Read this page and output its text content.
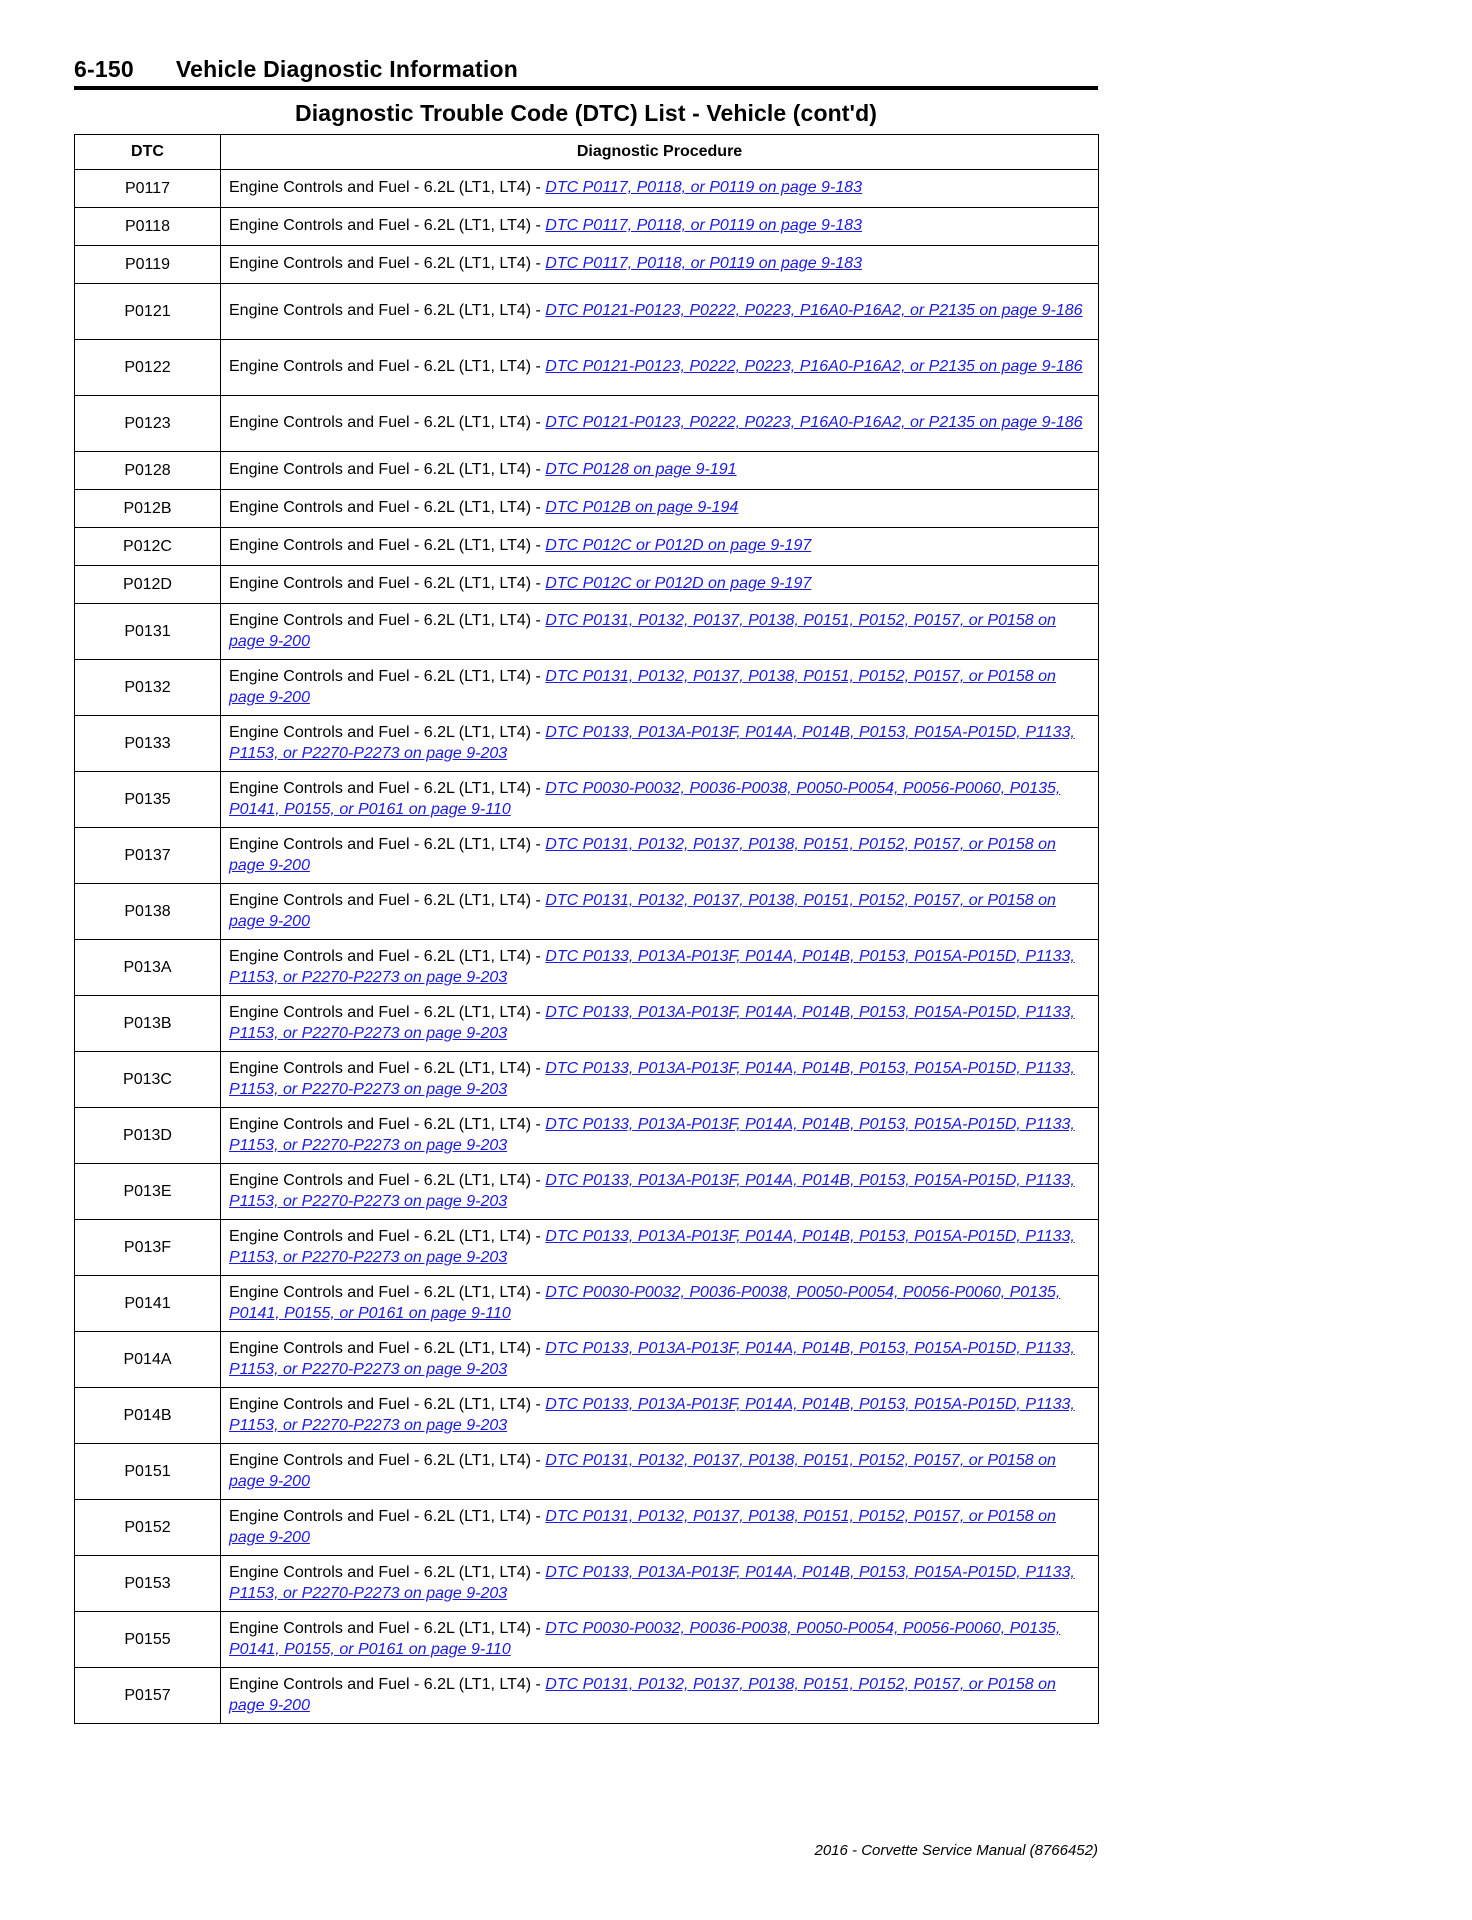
6-150 Vehicle Diagnostic Information
Diagnostic Trouble Code (DTC) List - Vehicle (cont'd)
DTC	Diagnostic Procedure
P0117	Engine Controls and Fuel - 6.2L (LT1, LT4) - DTC P0117, P0118, or P0119 on page 9-183
P0118	Engine Controls and Fuel - 6.2L (LT1, LT4) - DTC P0117, P0118, or P0119 on page 9-183
P0119	Engine Controls and Fuel - 6.2L (LT1, LT4) - DTC P0117, P0118, or P0119 on page 9-183
P0121	Engine Controls and Fuel - 6.2L (LT1, LT4) - DTC P0121-P0123, P0222, P0223, P16A0-P16A2, or P2135 on page 9-186
P0122	Engine Controls and Fuel - 6.2L (LT1, LT4) - DTC P0121-P0123, P0222, P0223, P16A0-P16A2, or P2135 on page 9-186
P0123	Engine Controls and Fuel - 6.2L (LT1, LT4) - DTC P0121-P0123, P0222, P0223, P16A0-P16A2, or P2135 on page 9-186
P0128	Engine Controls and Fuel - 6.2L (LT1, LT4) - DTC P0128 on page 9-191
P012B	Engine Controls and Fuel - 6.2L (LT1, LT4) - DTC P012B on page 9-194
P012C	Engine Controls and Fuel - 6.2L (LT1, LT4) - DTC P012C or P012D on page 9-197
P012D	Engine Controls and Fuel - 6.2L (LT1, LT4) - DTC P012C or P012D on page 9-197
P0131	Engine Controls and Fuel - 6.2L (LT1, LT4) - DTC P0131, P0132, P0137, P0138, P0151, P0152, P0157, or P0158 on page 9-200
P0132	Engine Controls and Fuel - 6.2L (LT1, LT4) - DTC P0131, P0132, P0137, P0138, P0151, P0152, P0157, or P0158 on page 9-200
P0133	Engine Controls and Fuel - 6.2L (LT1, LT4) - DTC P0133, P013A-P013F, P014A, P014B, P0153, P015A-P015D, P1133, P1153, or P2270-P2273 on page 9-203
P0135	Engine Controls and Fuel - 6.2L (LT1, LT4) - DTC P0030-P0032, P0036-P0038, P0050-P0054, P0056-P0060, P0135, P0141, P0155, or P0161 on page 9-110
P0137	Engine Controls and Fuel - 6.2L (LT1, LT4) - DTC P0131, P0132, P0137, P0138, P0151, P0152, P0157, or P0158 on page 9-200
P0138	Engine Controls and Fuel - 6.2L (LT1, LT4) - DTC P0131, P0132, P0137, P0138, P0151, P0152, P0157, or P0158 on page 9-200
P013A	Engine Controls and Fuel - 6.2L (LT1, LT4) - DTC P0133, P013A-P013F, P014A, P014B, P0153, P015A-P015D, P1133, P1153, or P2270-P2273 on page 9-203
P013B	Engine Controls and Fuel - 6.2L (LT1, LT4) - DTC P0133, P013A-P013F, P014A, P014B, P0153, P015A-P015D, P1133, P1153, or P2270-P2273 on page 9-203
P013C	Engine Controls and Fuel - 6.2L (LT1, LT4) - DTC P0133, P013A-P013F, P014A, P014B, P0153, P015A-P015D, P1133, P1153, or P2270-P2273 on page 9-203
P013D	Engine Controls and Fuel - 6.2L (LT1, LT4) - DTC P0133, P013A-P013F, P014A, P014B, P0153, P015A-P015D, P1133, P1153, or P2270-P2273 on page 9-203
P013E	Engine Controls and Fuel - 6.2L (LT1, LT4) - DTC P0133, P013A-P013F, P014A, P014B, P0153, P015A-P015D, P1133, P1153, or P2270-P2273 on page 9-203
P013F	Engine Controls and Fuel - 6.2L (LT1, LT4) - DTC P0133, P013A-P013F, P014A, P014B, P0153, P015A-P015D, P1133, P1153, or P2270-P2273 on page 9-203
P0141	Engine Controls and Fuel - 6.2L (LT1, LT4) - DTC P0030-P0032, P0036-P0038, P0050-P0054, P0056-P0060, P0135, P0141, P0155, or P0161 on page 9-110
P014A	Engine Controls and Fuel - 6.2L (LT1, LT4) - DTC P0133, P013A-P013F, P014A, P014B, P0153, P015A-P015D, P1133, P1153, or P2270-P2273 on page 9-203
P014B	Engine Controls and Fuel - 6.2L (LT1, LT4) - DTC P0133, P013A-P013F, P014A, P014B, P0153, P015A-P015D, P1133, P1153, or P2270-P2273 on page 9-203
P0151	Engine Controls and Fuel - 6.2L (LT1, LT4) - DTC P0131, P0132, P0137, P0138, P0151, P0152, P0157, or P0158 on page 9-200
P0152	Engine Controls and Fuel - 6.2L (LT1, LT4) - DTC P0131, P0132, P0137, P0138, P0151, P0152, P0157, or P0158 on page 9-200
P0153	Engine Controls and Fuel - 6.2L (LT1, LT4) - DTC P0133, P013A-P013F, P014A, P014B, P0153, P015A-P015D, P1133, P1153, or P2270-P2273 on page 9-203
P0155	Engine Controls and Fuel - 6.2L (LT1, LT4) - DTC P0030-P0032, P0036-P0038, P0050-P0054, P0056-P0060, P0135, P0141, P0155, or P0161 on page 9-110
P0157	Engine Controls and Fuel - 6.2L (LT1, LT4) - DTC P0131, P0132, P0137, P0138, P0151, P0152, P0157, or P0158 on page 9-200
2016 - Corvette Service Manual (8766452)
